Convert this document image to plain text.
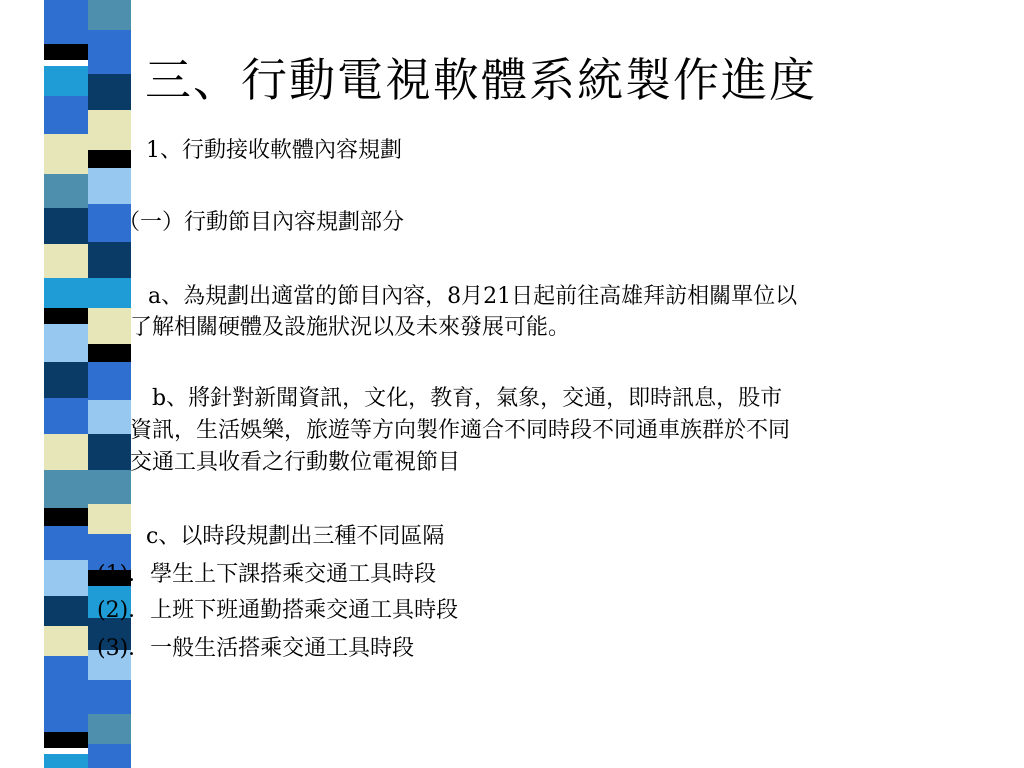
三、行動電視軟體系統製作進度
1、行動接收軟體內容規劃
（一）行動節目內容規劃部分
a、為規劃出適當的節目內容，8月21日起前往高雄拜訪相關單位以
了解相關硬體及設施狀況以及未來發展可能。
b、將針對新聞資訊，文化，教育，氣象，交通，即時訊息，股市
資訊，生活娛樂，旅遊等方向製作適合不同時段不同通車族群於不同
交通工具收看之行動數位電視節目
c、以時段規劃出三種不同區隔
(1)．學生上下課搭乘交通工具時段
(2)．上班下班通勤搭乘交通工具時段
(3)．一般生活搭乘交通工具時段
